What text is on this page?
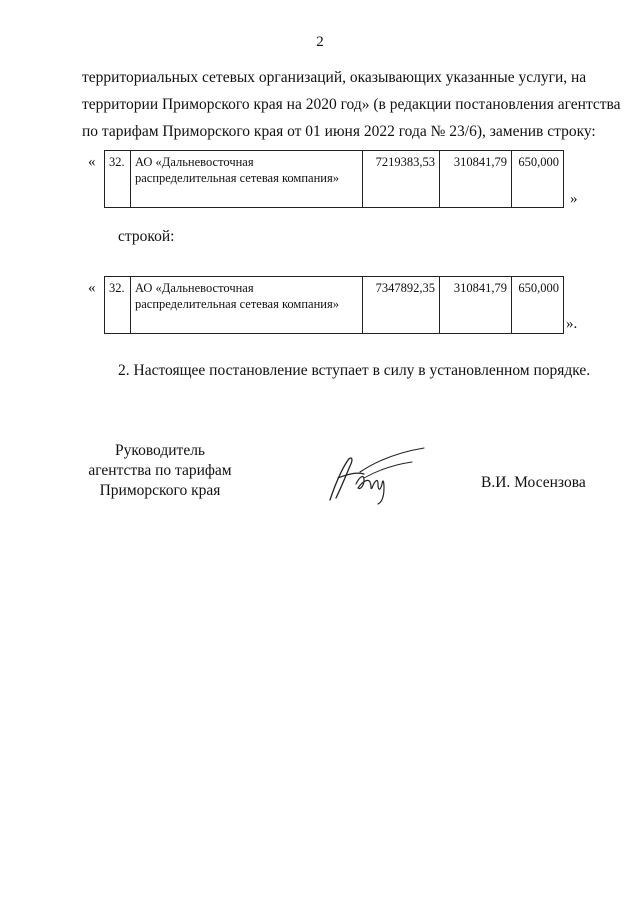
2
территориальных сетевых организаций, оказывающих указанные услуги, на
территории Приморского края на 2020 год» (в редакции постановления агентства
по тарифам Приморского края от 01 июня 2022 года № 23/6), заменив строку:
« 32.	АО «Дальневосточная распределительная сетевая компания»	7219383,53	310841,79	650,000
»
строкой:
« 32.	АО «Дальневосточная распределительная сетевая компания»	7347892,35	310841,79	650,000
».
2. Настоящее постановление вступает в силу в установленном порядке.
Руководитель
агентства по тарифам
Приморского края	В.И. Мосензова
